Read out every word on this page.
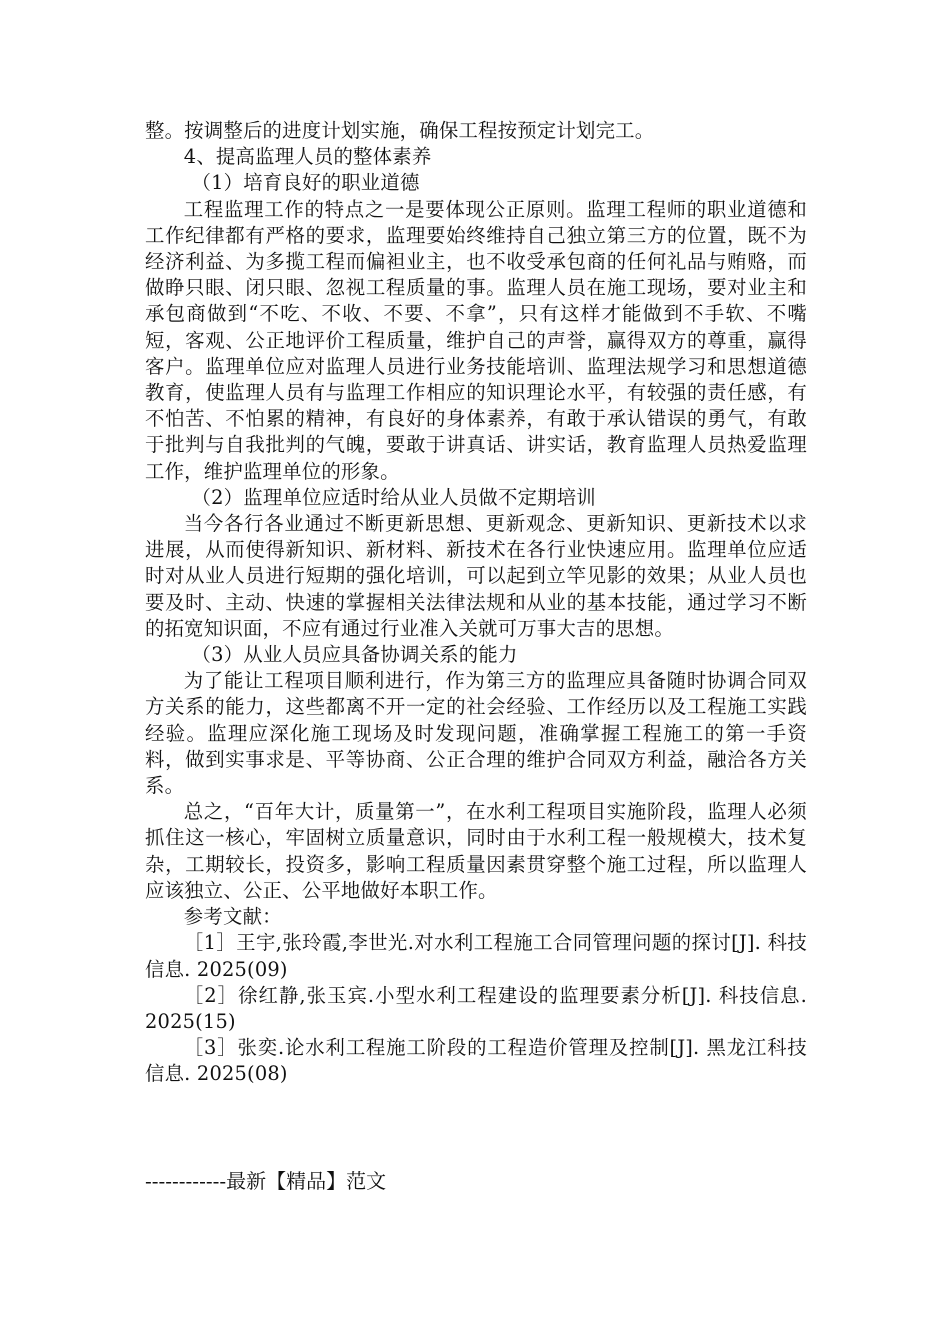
整。按调整后的进度计划实施，确保工程按预定计划完工。

4、提高监理人员的整体素养

（1）培育良好的职业道德

工程监理工作的特点之一是要体现公正原则。监理工程师的职业道德和工作纪律都有严格的要求，监理要始终维持自己独立第三方的位置，既不为经济利益、为多揽工程而偏袒业主，也不收受承包商的任何礼品与贿赂，而做睁只眼、闭只眼、忽视工程质量的事。监理人员在施工现场，要对业主和承包商做到“不吃、不收、不要、不拿”，只有这样才能做到不手软、不嘴短，客观、公正地评价工程质量，维护自己的声誉，赢得双方的尊重，赢得客户。监理单位应对监理人员进行业务技能培训、监理法规学习和思想道德教育，使监理人员有与监理工作相应的知识理论水平，有较强的责任感，有不怕苦、不怕累的精神，有良好的身体素养，有敢于承认错误的勇气，有敢于批判与自我批判的气魄，要敢于讲真话、讲实话，教育监理人员热爱监理工作，维护监理单位的形象。

（2）监理单位应适时给从业人员做不定期培训

当今各行各业通过不断更新思想、更新观念、更新知识、更新技术以求进展，从而使得新知识、新材料、新技术在各行业快速应用。监理单位应适时对从业人员进行短期的强化培训，可以起到立竿见影的效果；从业人员也要及时、主动、快速的掌握相关法律法规和从业的基本技能，通过学习不断的拓宽知识面，不应有通过行业准入关就可万事大吉的思想。

（3）从业人员应具备协调关系的能力

为了能让工程项目顺利进行，作为第三方的监理应具备随时协调合同双方关系的能力，这些都离不开一定的社会经验、工作经历以及工程施工实践经验。监理应深化施工现场及时发现问题，准确掌握工程施工的第一手资料，做到实事求是、平等协商、公正合理的维护合同双方利益，融洽各方关系。

总之，“百年大计，质量第一”，在水利工程项目实施阶段，监理人必须抓住这一核心，牢固树立质量意识，同时由于水利工程一般规模大，技术复杂，工期较长，投资多，影响工程质量因素贯穿整个施工过程，所以监理人应该独立、公正、公平地做好本职工作。

参考文献：

［1］王宇,张玲霞,李世光.对水利工程施工合同管理问题的探讨[J]. 科技信息. 2025(09)

［2］徐红静,张玉宾.小型水利工程建设的监理要素分析[J]. 科技信息. 2025(15)

［3］张奕.论水利工程施工阶段的工程造价管理及控制[J]. 黑龙江科技信息. 2025(08)

------------最新【精品】范文
